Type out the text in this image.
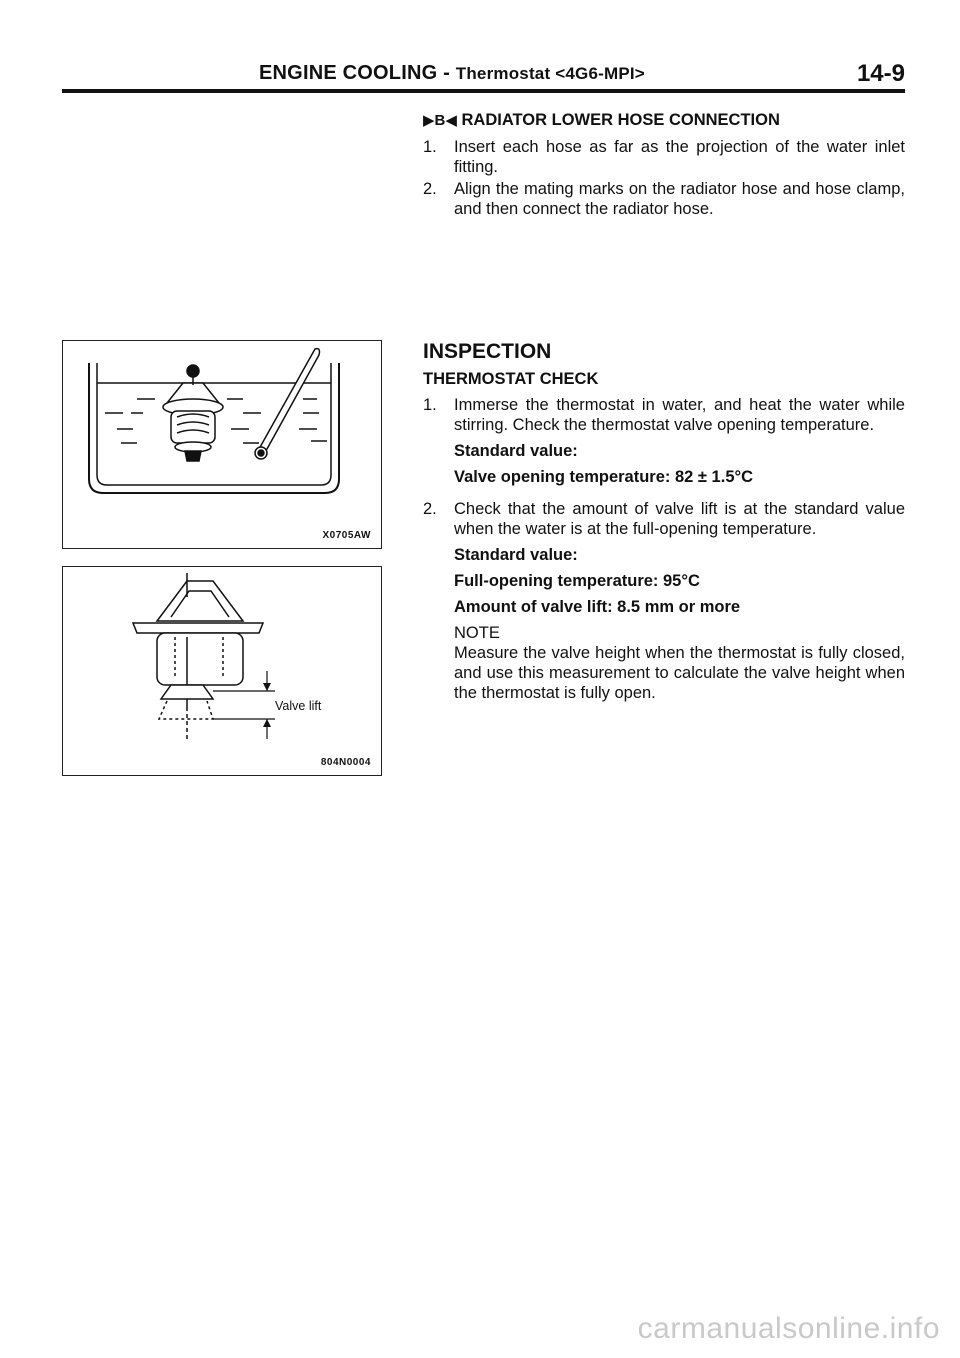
ENGINE COOLING - Thermostat <4G6-MPI>	14-9
▶B◀ RADIATOR LOWER HOSE CONNECTION
1. Insert each hose as far as the projection of the water inlet fitting.
2. Align the mating marks on the radiator hose and hose clamp, and then connect the radiator hose.
INSPECTION
THERMOSTAT CHECK
1. Immerse the thermostat in water, and heat the water while stirring. Check the thermostat valve opening temperature.
Standard value:
Valve opening temperature: 82 ± 1.5°C
2. Check that the amount of valve lift is at the standard value when the water is at the full-opening temperature.
Standard value:
Full-opening temperature: 95°C
Amount of valve lift: 8.5 mm or more
NOTE
Measure the valve height when the thermostat is fully closed, and use this measurement to calculate the valve height when the thermostat is fully open.
X0705AW
Valve lift
804N0004
carmanualsonline.info
